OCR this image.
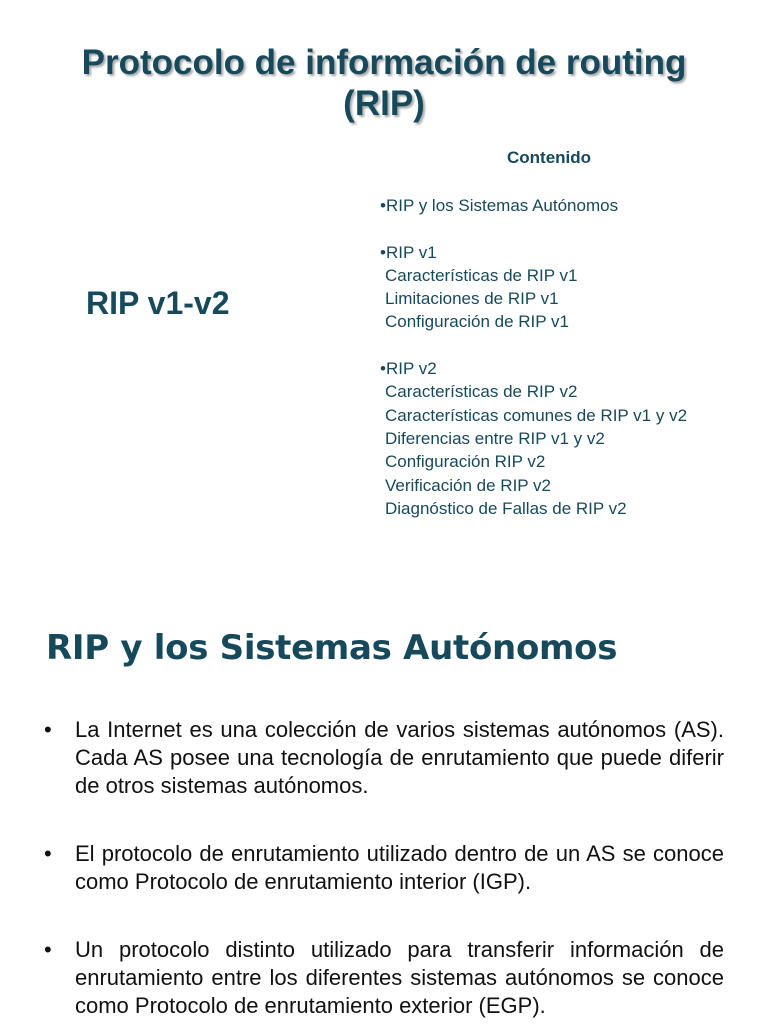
Protocolo de información de routing
(RIP)
RIP v1-v2
Contenido
•RIP y los Sistemas Autónomos
•RIP v1
Características de RIP v1
Limitaciones de RIP v1
Configuración de RIP v1
•RIP v2
Características de RIP v2
Características comunes de RIP v1 y v2
Diferencias entre RIP v1 y v2
Configuración RIP v2
Verificación de RIP v2
Diagnóstico de Fallas de RIP v2
RIP y los Sistemas Autónomos
• La Internet es una colección de varios sistemas autónomos (AS). Cada AS posee una tecnología de enrutamiento que puede diferir de otros sistemas autónomos.
• El protocolo de enrutamiento utilizado dentro de un AS se conoce como Protocolo de enrutamiento interior (IGP).
• Un protocolo distinto utilizado para transferir información de enrutamiento entre los diferentes sistemas autónomos se conoce como Protocolo de enrutamiento exterior (EGP).
